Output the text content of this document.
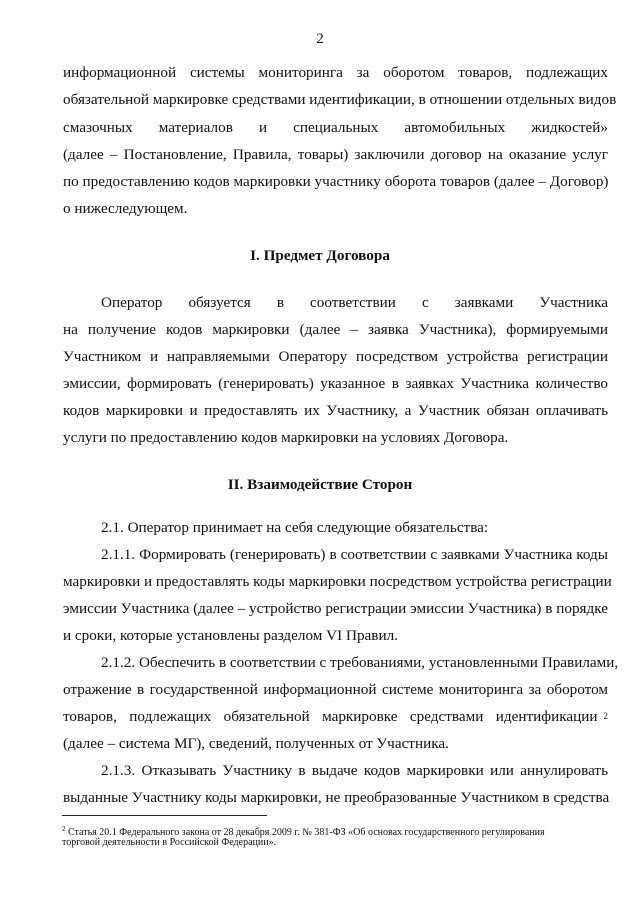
2
информационной системы мониторинга за оборотом товаров, подлежащих
обязательной маркировке средствами идентификации, в отношении отдельных видов
смазочных материалов и специальных автомобильных жидкостей»
(далее – Постановление, Правила, товары) заключили договор на оказание услуг
по предоставлению кодов маркировки участнику оборота товаров (далее – Договор)
о нижеследующем.
I. Предмет Договора
Оператор обязуется в соответствии с заявками Участника
на получение кодов маркировки (далее – заявка Участника), формируемыми
Участником и направляемыми Оператору посредством устройства регистрации
эмиссии, формировать (генерировать) указанное в заявках Участника количество
кодов маркировки и предоставлять их Участнику, а Участник обязан оплачивать
услуги по предоставлению кодов маркировки на условиях Договора.
II. Взаимодействие Сторон
2.1. Оператор принимает на себя следующие обязательства:
2.1.1. Формировать (генерировать) в соответствии с заявками Участника коды
маркировки и предоставлять коды маркировки посредством устройства регистрации
эмиссии Участника (далее – устройство регистрации эмиссии Участника) в порядке
и сроки, которые установлены разделом VI Правил.
2.1.2. Обеспечить в соответствии с требованиями, установленными Правилами,
отражение в государственной информационной системе мониторинга за оборотом
товаров, подлежащих обязательной маркировке средствами идентификации 2
(далее – система МГ), сведений, полученных от Участника.
2.1.3. Отказывать Участнику в выдаче кодов маркировки или аннулировать
выданные Участнику коды маркировки, не преобразованные Участником в средства
$^2$ Статья 20.1 Федерального закона от 28 декабря 2009 г. № 381-ФЗ «Об основах государственного регулирования
торговой деятельности в Российской Федерации».
